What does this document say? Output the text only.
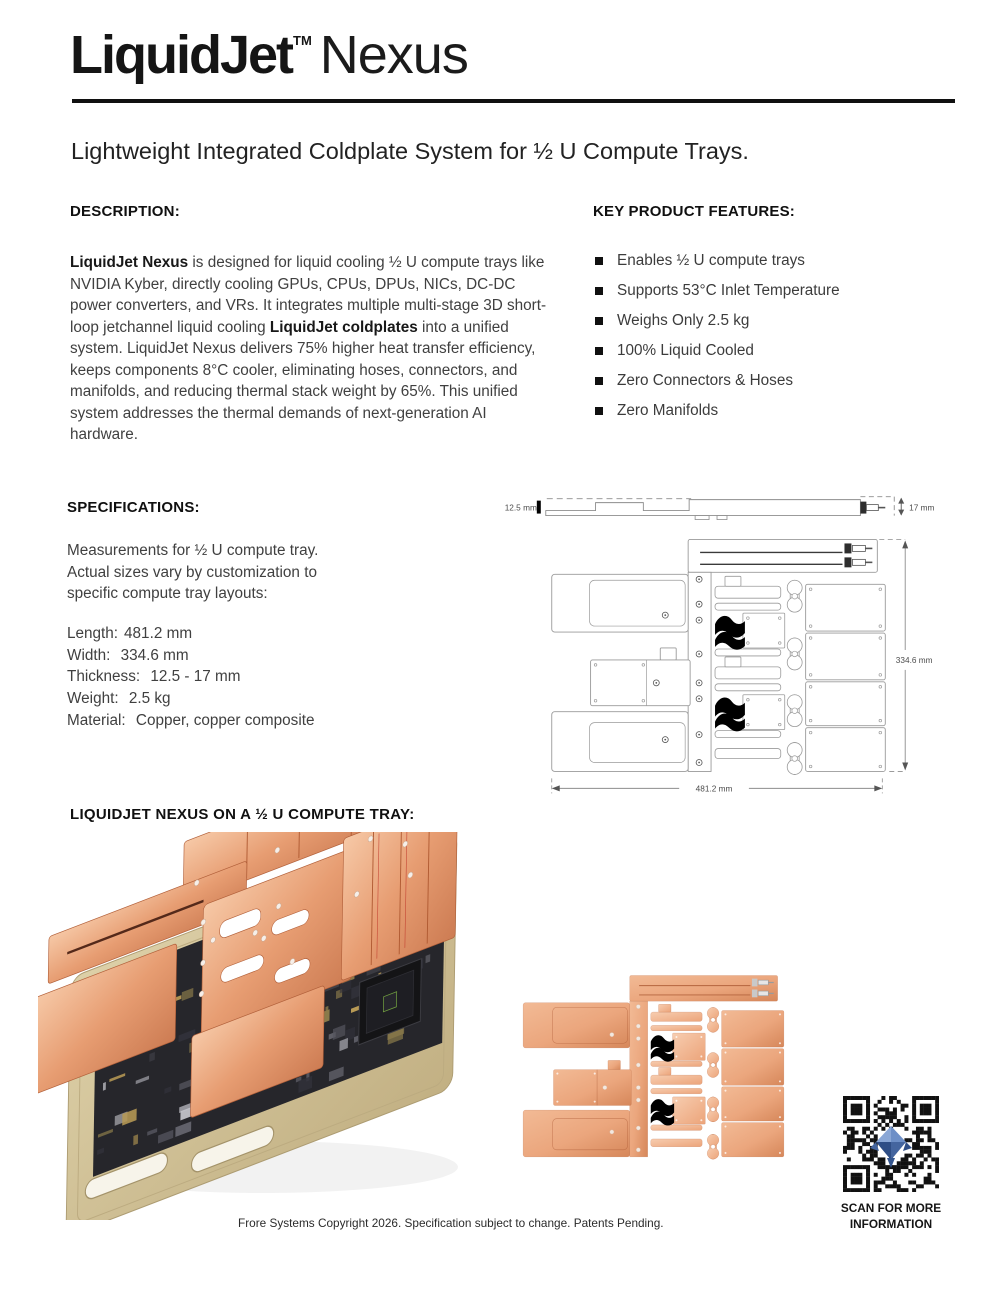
LiquidJet™ Nexus
Lightweight Integrated Coldplate System for ½ U Compute Trays.
DESCRIPTION:

LiquidJet Nexus is designed for liquid cooling ½ U compute trays like NVIDIA Kyber, directly cooling GPUs, CPUs, DPUs, NICs, DC-DC power converters, and VRs. It integrates multiple multi-stage 3D short-loop jetchannel liquid cooling LiquidJet coldplates into a unified system. LiquidJet Nexus delivers 75% higher heat transfer efficiency, keeps components 8°C cooler, eliminating hoses, connectors, and manifolds, and reducing thermal stack weight by 65%. This unified system addresses the thermal demands of next-generation AI hardware.

KEY PRODUCT FEATURES:
Enables ½ U compute trays
Supports 53°C Inlet Temperature
Weighs Only 2.5 kg
100% Liquid Cooled
Zero Connectors & Hoses
Zero Manifolds
SPECIFICATIONS:
Measurements for ½ U compute tray.
Actual sizes vary by customization to
specific compute tray layouts:
Length: 481.2 mm
Width: 334.6 mm
Thickness: 12.5 - 17 mm
Weight: 2.5 kg
Material: Copper, copper composite
12.5 mm	17 mm
334.6 mm
481.2 mm
LIQUIDJET NEXUS ON A ½ U COMPUTE TRAY:
SCAN FOR MORE
INFORMATION
Frore Systems Copyright 2026. Specification subject to change. Patents Pending.
